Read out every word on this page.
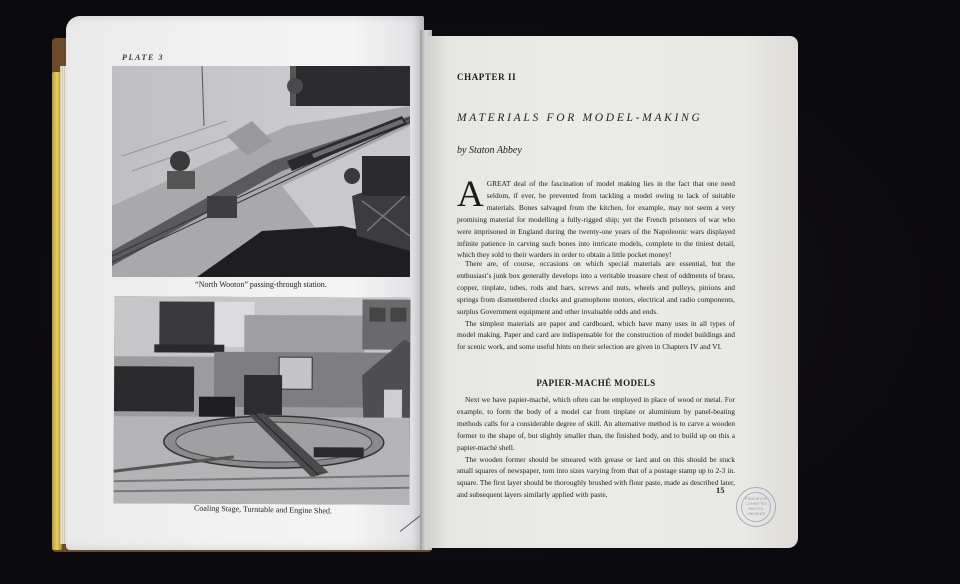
PLATE 3
“North Wooton” passing-through station.
Coaling Stage, Turntable and Engine Shed.
CHAPTER II
MATERIALS FOR MODEL-MAKING
by Staton Abbey
A GREAT deal of the fascination of model making lies in the fact that one need seldom, if ever, be prevented from tackling a model owing to lack of suitable materials. Bones salvaged from the kitchen, for example, may not seem a very promising material for modelling a fully-rigged ship; yet the French prisoners of war who were imprisoned in England during the twenty-one years of the Napoleonic wars displayed infinite patience in carving such bones into intricate models, complete to the tiniest detail, which they sold to their warders in order to obtain a little pocket money!

There are, of course, occasions on which special materials are essential, but the enthusiast’s junk box generally develops into a veritable treasure chest of oddments of brass, copper, tinplate, tubes, rods and bars, screws and nuts, wheels and pulleys, pinions and springs from dismembered clocks and gramophone motors, electrical and radio components, surplus Government equipment and other invaluable odds and ends.

The simplest materials are paper and cardboard, which have many uses in all types of model making. Paper and card are indispensable for the construction of model buildings and for scenic work, and some useful hints on their selection are given in Chapters IV and VI.

PAPIER-MACHÉ MODELS

Next we have papier-maché, which often can be employed in place of wood or metal. For example, to form the body of a model car from tinplate or aluminium by panel-beating methods calls for a considerable degree of skill. An alternative method is to carve a wooden former to the shape of, but slightly smaller than, the finished body, and to build up on this a papier-maché shell.

The wooden former should be smeared with grease or lard and on this should be stuck small squares of newspaper, torn into sizes varying from that of a postage stamp up to 2-3 in. square. The first layer should be thoroughly brushed with flour paste, made as described later, and subsequent layers similarly applied with paste,	15
EDUCATION COMMITTEE
BRISTOL
LIBRARIES
